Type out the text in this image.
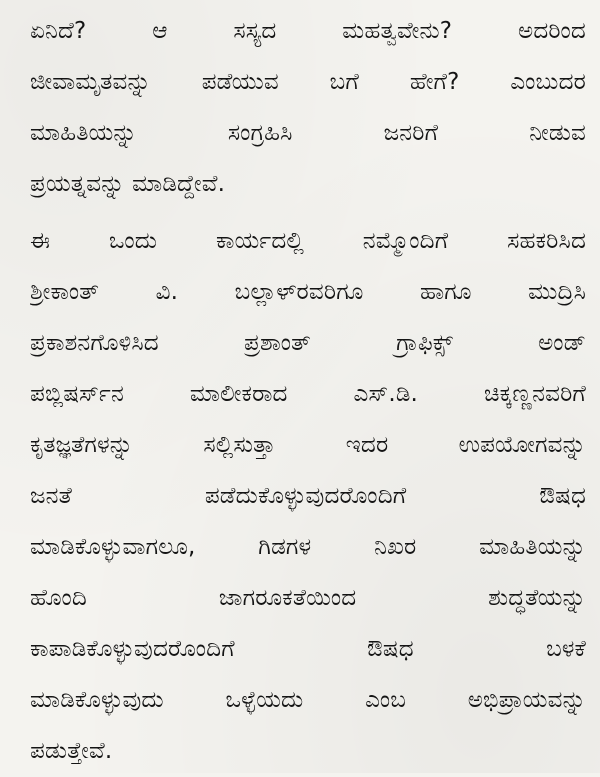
ಏನಿದೆ? ಆ ಸಸ್ಯದ ಮಹತ್ವವೇನು? ಅದರಿಂದ
ಜೀವಾಮೃತವನ್ನು ಪಡೆಯುವ ಬಗೆ ಹೇಗೆ? ಎಂಬುದರ
ಮಾಹಿತಿಯನ್ನು ಸಂಗ್ರಹಿಸಿ ಜನರಿಗೆ ನೀಡುವ
ಪ್ರಯತ್ನವನ್ನು ಮಾಡಿದ್ದೇವೆ.

ಈ ಒಂದು ಕಾರ್ಯದಲ್ಲಿ ನಮ್ಮೊಂದಿಗೆ ಸಹಕರಿಸಿದ
ಶ್ರೀಕಾಂತ್ ವಿ. ಬಲ್ಲಾಳ್‌ರವರಿಗೂ ಹಾಗೂ ಮುದ್ರಿಸಿ
ಪ್ರಕಾಶನಗೊಳಿಸಿದ ಪ್ರಶಾಂತ್ ಗ್ರಾಫಿಕ್ಸ್ ಅಂಡ್
ಪಬ್ಲಿಷರ್ಸ್‌ನ ಮಾಲೀಕರಾದ ಎಸ್.ಡಿ. ಚಿಕ್ಕಣ್ಣನವರಿಗೆ
ಕೃತಜ್ಞತೆಗಳನ್ನು ಸಲ್ಲಿಸುತ್ತಾ ಇದರ ಉಪಯೋಗವನ್ನು
ಜನತೆ ಪಡೆದುಕೊಳ್ಳುವುದರೊಂದಿಗೆ ಔಷಧ
ಮಾಡಿಕೊಳ್ಳುವಾಗಲೂ, ಗಿಡಗಳ ನಿಖರ ಮಾಹಿತಿಯನ್ನು
ಹೊಂದಿ ಜಾಗರೂಕತೆಯಿಂದ ಶುದ್ಧತೆಯನ್ನು
ಕಾಪಾಡಿಕೊಳ್ಳುವುದರೊಂದಿಗೆ ಔಷಧ ಬಳಕೆ
ಮಾಡಿಕೊಳ್ಳುವುದು ಒಳ್ಳೆಯದು ಎಂಬ ಅಭಿಪ್ರಾಯವನ್ನು
ಪಡುತ್ತೇವೆ.
